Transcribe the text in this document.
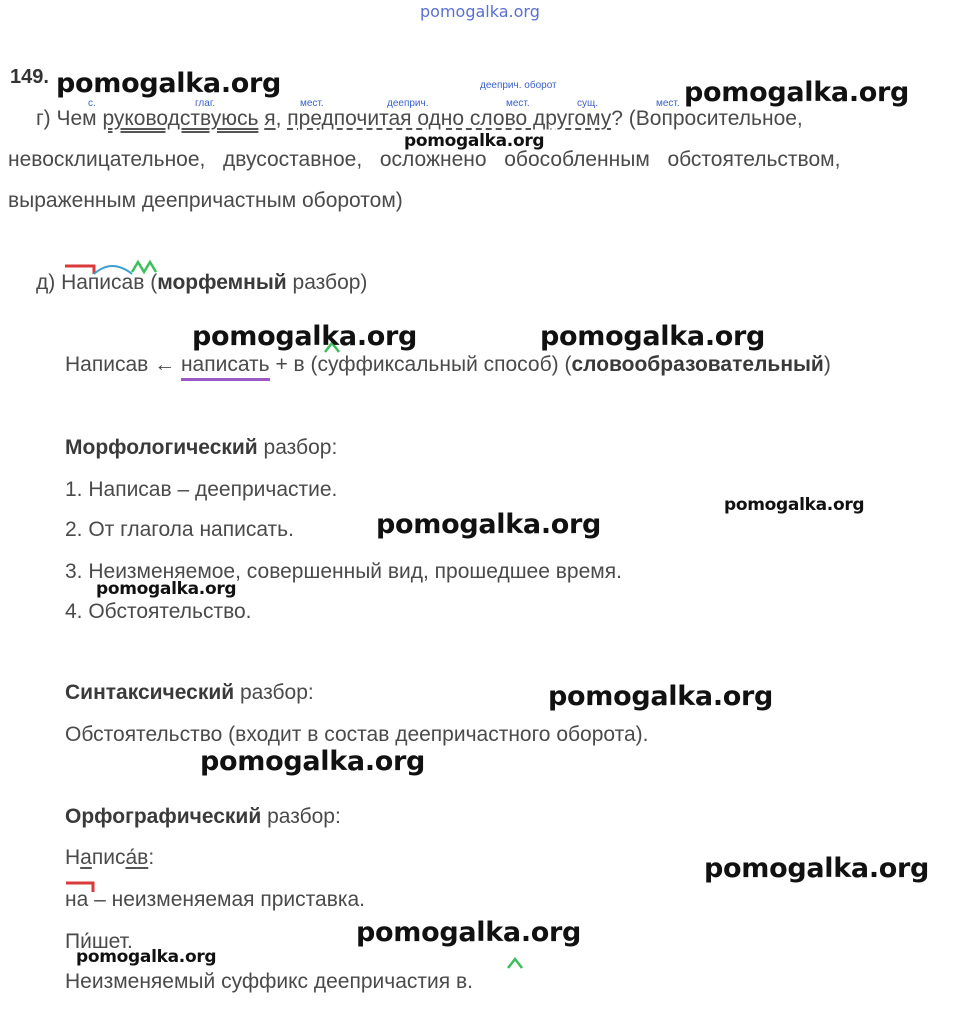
pomogalka.org
149.	дееприч. оборот
с.	глаг.	мест.	дееприч.	мест.	сущ.	мест.
г) Чем руководствуюсь
я , предпочитая одно слово другому ? (Вопросительное,
невосклицательное,  двусоставное,  осложнено  обособленным  обстоятельством,
выраженным деепричастным оборотом)
д) Написав ( морфемный разбор)
Написав ← написать + в (суффиксальный способ) ( словообразовательный )
Морфологический разбор:
1. Написав – деепричастие.
2. От глагола написать.
3. Неизменяемое, совершенный вид, прошедшее время.
4. Обстоятельство.
Синтаксический разбор:
Обстоятельство (входит в состав деепричастного оборота).
Орфографический разбор:
Н а пис а́ в :
на – неизменяемая приставка.
Пи́шет.
Неизменяемый суффикс деепричастия в.
pomogalka.org	pomogalka.org
pomogalka.org
pomogalka.org	pomogalka.org
pomogalka.org
pomogalka.org
pomogalka.org
pomogalka.org
pomogalka.org
pomogalka.org
pomogalka.org
pomogalka.org
